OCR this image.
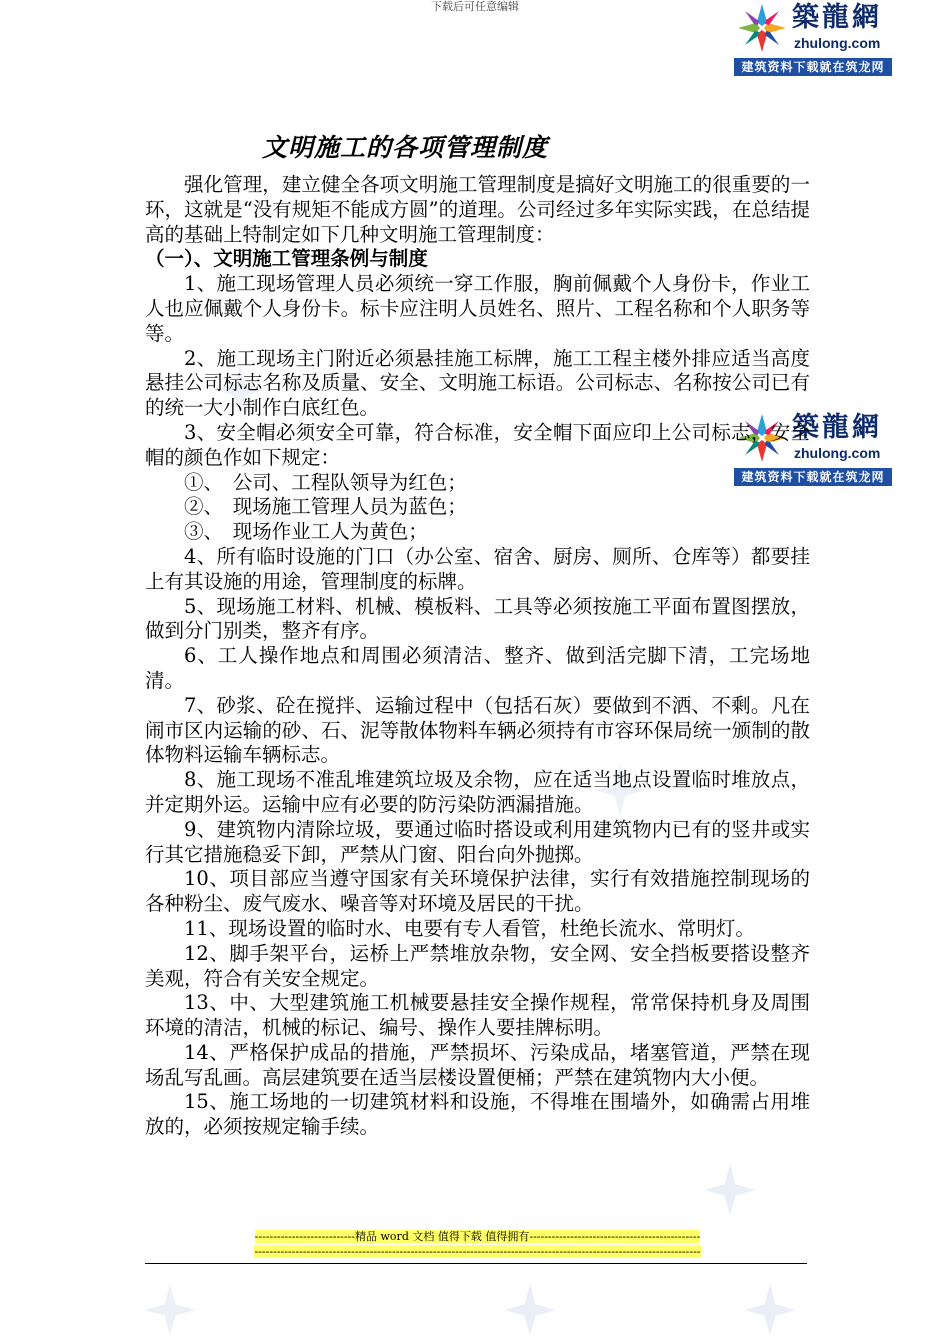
下载后可任意编辑	築龍網
zhulong.com
建筑资料下载就在筑龙网
築龍網
zhulong.com
建筑资料下载就在筑龙网
文明施工的各项管理制度

强化管理，建立健全各项文明施工管理制度是搞好文明施工的很重要的一环，这就是“没有规矩不能成方圆”的道理。公司经过多年实际实践，在总结提高的基础上特制定如下几种文明施工管理制度：

（一）、文明施工管理条例与制度

1、施工现场管理人员必须统一穿工作服，胸前佩戴个人身份卡，作业工人也应佩戴个人身份卡。标卡应注明人员姓名、照片、工程名称和个人职务等等。

2、施工现场主门附近必须悬挂施工标牌，施工工程主楼外排应适当高度悬挂公司标志名称及质量、安全、文明施工标语。公司标志、名称按公司已有的统一大小制作白底红色。

3、安全帽必须安全可靠，符合标准，安全帽下面应印上公司标志，安全帽的颜色作如下规定：

①、　公司、工程队领导为红色；

②、　现场施工管理人员为蓝色；

③、　现场作业工人为黄色；

4、所有临时设施的门口（办公室、宿舍、厨房、厕所、仓库等）都要挂上有其设施的用途，管理制度的标牌。

5、现场施工材料、机械、模板料、工具等必须按施工平面布置图摆放，做到分门别类，整齐有序。

6、工人操作地点和周围必须清洁、整齐、做到活完脚下清，工完场地清。

7、砂浆、砼在搅拌、运输过程中（包括石灰）要做到不洒、不剩。凡在闹市区内运输的砂、石、泥等散体物料车辆必须持有市容环保局统一颁制的散体物料运输车辆标志。

8、施工现场不准乱堆建筑垃圾及余物，应在适当地点设置临时堆放点，并定期外运。运输中应有必要的防污染防洒漏措施。

9、建筑物内清除垃圾，要通过临时搭设或利用建筑物内已有的竖井或实行其它措施稳妥下卸，严禁从门窗、阳台向外抛掷。

10、项目部应当遵守国家有关环境保护法律，实行有效措施控制现场的各种粉尘、废气废水、噪音等对环境及居民的干扰。

11、现场设置的临时水、电要有专人看管，杜绝长流水、常明灯。

12、脚手架平台，运桥上严禁堆放杂物，安全网、安全挡板要搭设整齐美观，符合有关安全规定。

13、中、大型建筑施工机械要悬挂安全操作规程，常常保持机身及周围环境的清洁，机械的标记、编号、操作人要挂牌标明。

14、严格保护成品的措施，严禁损坏、污染成品，堵塞管道，严禁在现场乱写乱画。高层建筑要在适当层楼设置便桶；严禁在建筑物内大小便。

15、施工场地的一切建筑材料和设施，不得堆在围墙外，如确需占用堆放的，必须按规定输手续。

---------------------------精品 word 文档 值得下载 值得拥有----------------------------------------------
------------------------------------------------------------------------------------------------------------------------
